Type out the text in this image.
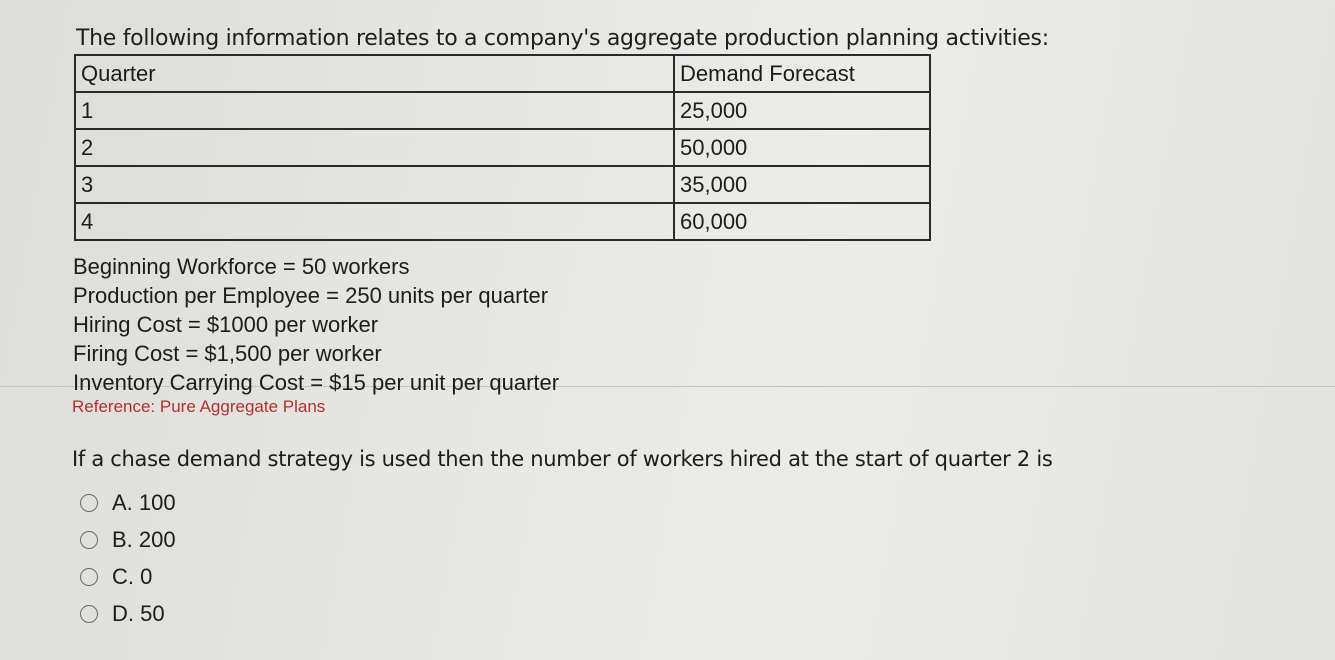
The following information relates to a company's aggregate production planning activities:
Quarter	Demand Forecast
1	25,000
2	50,000
3	35,000
4	60,000
Beginning Workforce = 50 workers
Production per Employee = 250 units per quarter
Hiring Cost = $1000 per worker
Firing Cost = $1,500 per worker
Inventory Carrying Cost = $15 per unit per quarter
Reference: Pure Aggregate Plans
If a chase demand strategy is used then the number of workers hired at the start of quarter 2 is
A. 100
B. 200
C. 0
D. 50
